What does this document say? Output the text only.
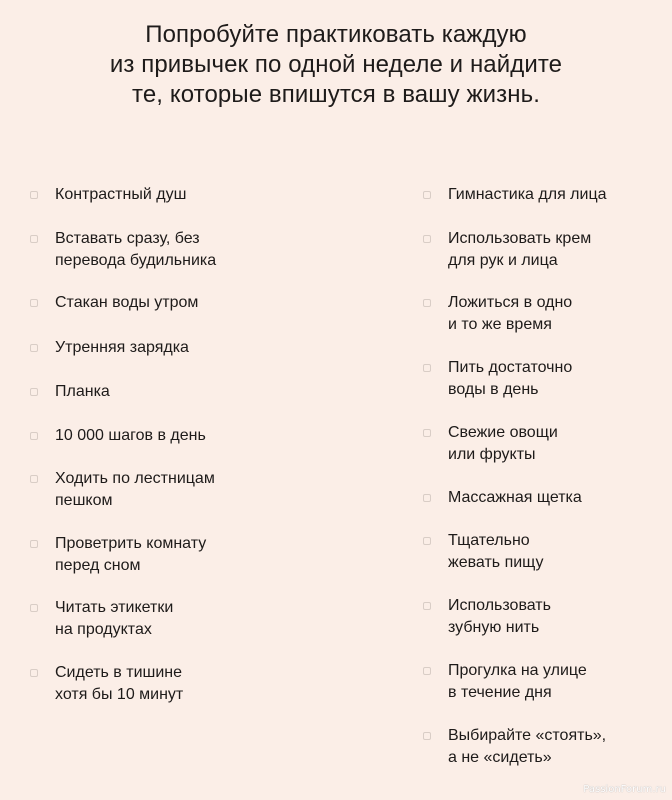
Попробуйте практиковать каждую
из привычек по одной неделе и найдите
те, которые впишутся в вашу жизнь.
Контрастный душ
Вставать сразу, без
перевода будильника
Стакан воды утром
Утренняя зарядка
Планка
10 000 шагов в день
Ходить по лестницам
пешком
Проветрить комнату
перед сном
Читать этикетки
на продуктах
Сидеть в тишине
хотя бы 10 минут
Гимнастика для лица
Использовать крем
для рук и лица
Ложиться в одно
и то же время
Пить достаточно
воды в день
Свежие овощи
или фрукты
Массажная щетка
Тщательно
жевать пищу
Использовать
зубную нить
Прогулка на улице
в течение дня
Выбирайте «стоять»,
а не «сидеть»
PassionForum.ru
